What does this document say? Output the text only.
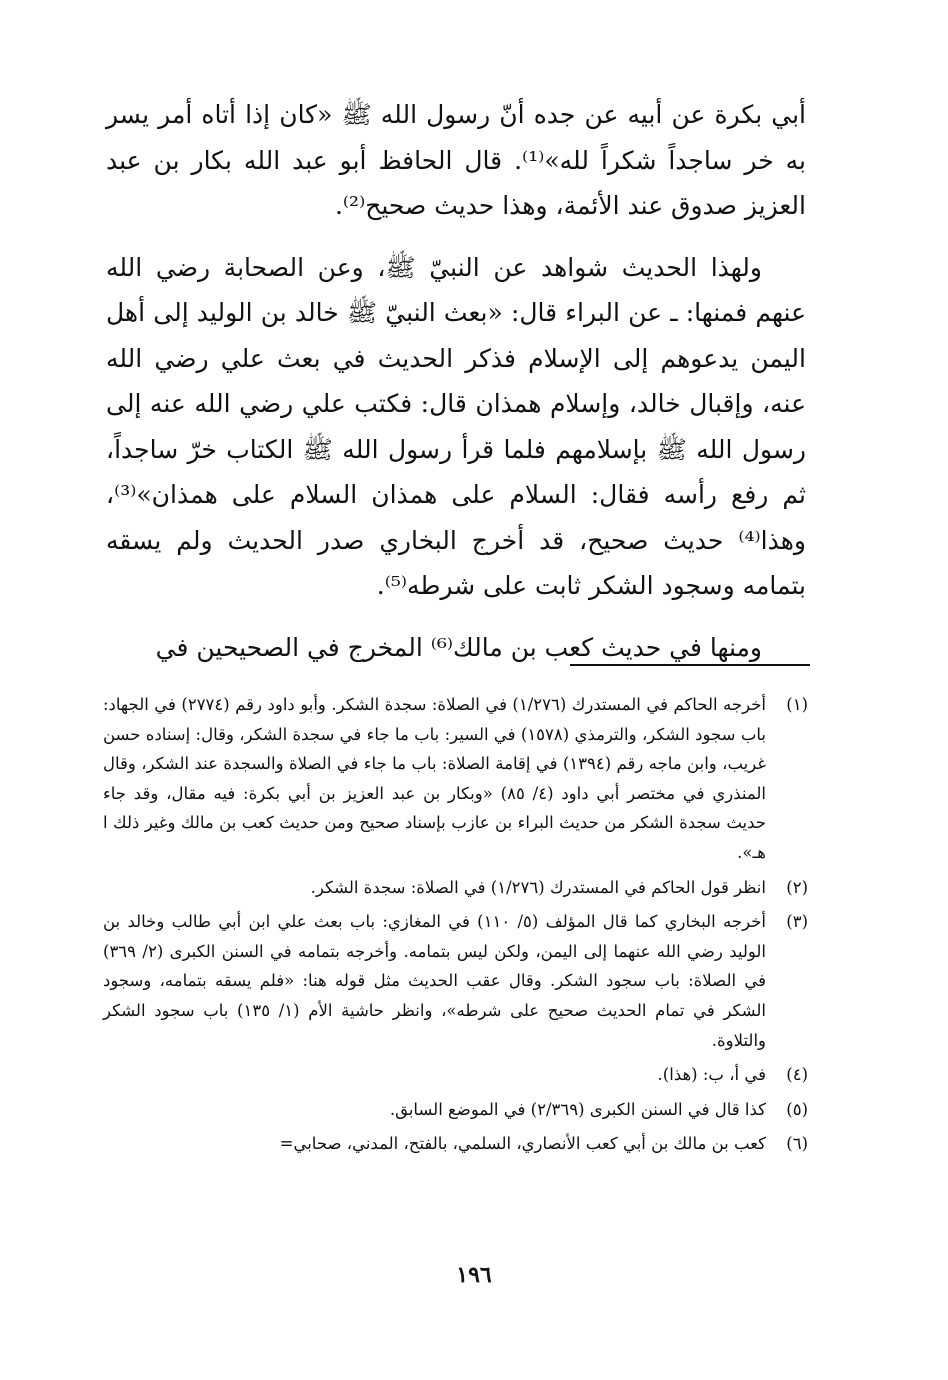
أبي بكرة عن أبيه عن جده أنّ رسول الله ﷺ «كان إذا أتاه أمر يسر به خر ساجداً شكراً لله»⁽¹⁾. قال الحافظ أبو عبد الله بكار بن عبد العزيز صدوق عند الأئمة، وهذا حديث صحيح⁽²⁾.

ولهذا الحديث شواهد عن النبيّ ﷺ، وعن الصحابة رضي الله عنهم فمنها: ـ عن البراء قال: «بعث النبيّ ﷺ خالد بن الوليد إلى أهل اليمن يدعوهم إلى الإسلام فذكر الحديث في بعث علي رضي الله عنه، وإقبال خالد، وإسلام همذان قال: فكتب علي رضي الله عنه إلى رسول الله ﷺ بإسلامهم فلما قرأ رسول الله ﷺ الكتاب خرّ ساجداً، ثم رفع رأسه فقال: السلام على همذان السلام على همذان»⁽³⁾، وهذا⁽⁴⁾ حديث صحيح، قد أخرج البخاري صدر الحديث ولم يسقه بتمامه وسجود الشكر ثابت على شرطه⁽⁵⁾.

ومنها في حديث كعب بن مالك⁽⁶⁾ المخرج في الصحيحين في

(١)
أخرجه الحاكم في المستدرك (١/٢٧٦) في الصلاة: سجدة الشكر. وأبو داود رقم (٢٧٧٤) في الجهاد: باب سجود الشكر، والترمذي (١٥٧٨) في السير: باب ما جاء في سجدة الشكر، وقال: إسناده حسن غريب، وابن ماجه رقم (١٣٩٤) في إقامة الصلاة: باب ما جاء في الصلاة والسجدة عند الشكر، وقال المنذري في مختصر أبي داود (٤/ ٨٥) «وبكار بن عبد العزيز بن أبي بكرة: فيه مقال، وقد جاء حديث سجدة الشكر من حديث البراء بن عازب بإسناد صحيح ومن حديث كعب بن مالك وغير ذلك ا هـ».
(٢)
انظر قول الحاكم في المستدرك (١/٢٧٦) في الصلاة: سجدة الشكر.
(٣)
أخرجه البخاري كما قال المؤلف (٥/ ١١٠) في المغازي: باب بعث علي ابن أبي طالب وخالد بن الوليد رضي الله عنهما إلى اليمن، ولكن ليس بتمامه. وأخرجه بتمامه في السنن الكبرى (٢/ ٣٦٩) في الصلاة: باب سجود الشكر. وقال عقب الحديث مثل قوله هنا: «فلم يسقه بتمامه، وسجود الشكر في تمام الحديث صحيح على شرطه»، وانظر حاشية الأم (١/ ١٣٥) باب سجود الشكر والتلاوة.
(٤)
في أ، ب: (هذا).
(٥)
كذا قال في السنن الكبرى (٢/٣٦٩) في الموضع السابق.
(٦)
كعب بن مالك بن أبي كعب الأنصاري، السلمي، بالفتح، المدني، صحابي=
١٩٦
